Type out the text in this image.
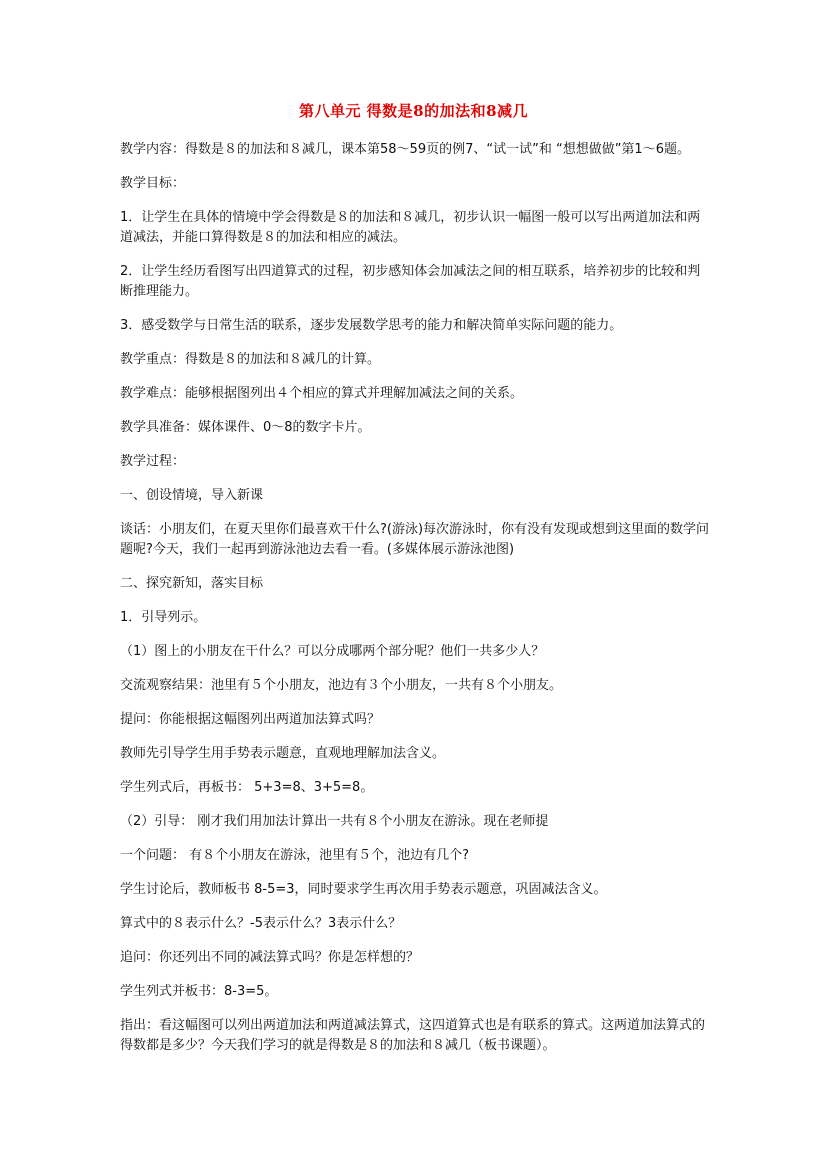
第八单元 得数是8的加法和8减几

教学内容：得数是８的加法和８减几，课本第58～59页的例7、“试一试”和 “想想做做”第1～6题。

教学目标：

1．让学生在具体的情境中学会得数是８的加法和８减几，初步认识一幅图一般可以写出两道加法和两道减法，并能口算得数是８的加法和相应的减法。

2．让学生经历看图写出四道算式的过程，初步感知体会加减法之间的相互联系，培养初步的比较和判断推理能力。

3．感受数学与日常生活的联系，逐步发展数学思考的能力和解决简单实际问题的能力。

教学重点：得数是８的加法和８减几的计算。

教学难点：能够根据图列出４个相应的算式并理解加减法之间的关系。

教学具准备：媒体课件、0～8的数字卡片。

教学过程：

一、创设情境，导入新课

谈话：小朋友们，在夏天里你们最喜欢干什么?(游泳)每次游泳时，你有没有发现或想到这里面的数学问题呢?今天，我们一起再到游泳池边去看一看。(多媒体展示游泳池图)

二、探究新知，落实目标

1．引导列示。

（1）图上的小朋友在干什么？可以分成哪两个部分呢？他们一共多少人？

交流观察结果：池里有５个小朋友，池边有３个小朋友，一共有８个小朋友。

提问：你能根据这幅图列出两道加法算式吗？

教师先引导学生用手势表示题意，直观地理解加法含义。

学生列式后，再板书： 5+3=8、3+5=8。

（2）引导： 刚才我们用加法计算出一共有８个小朋友在游泳。现在老师提

一个问题： 有８个小朋友在游泳，池里有５个，池边有几个?

学生讨论后，教师板书 8-5=3，同时要求学生再次用手势表示题意，巩固减法含义。

算式中的８表示什么？-5表示什么？3表示什么？

追问：你还列出不同的减法算式吗？你是怎样想的？

学生列式并板书：8-3=5。

指出：看这幅图可以列出两道加法和两道减法算式，这四道算式也是有联系的算式。这两道加法算式的得数都是多少？今天我们学习的就是得数是８的加法和８减几（板书课题）。
